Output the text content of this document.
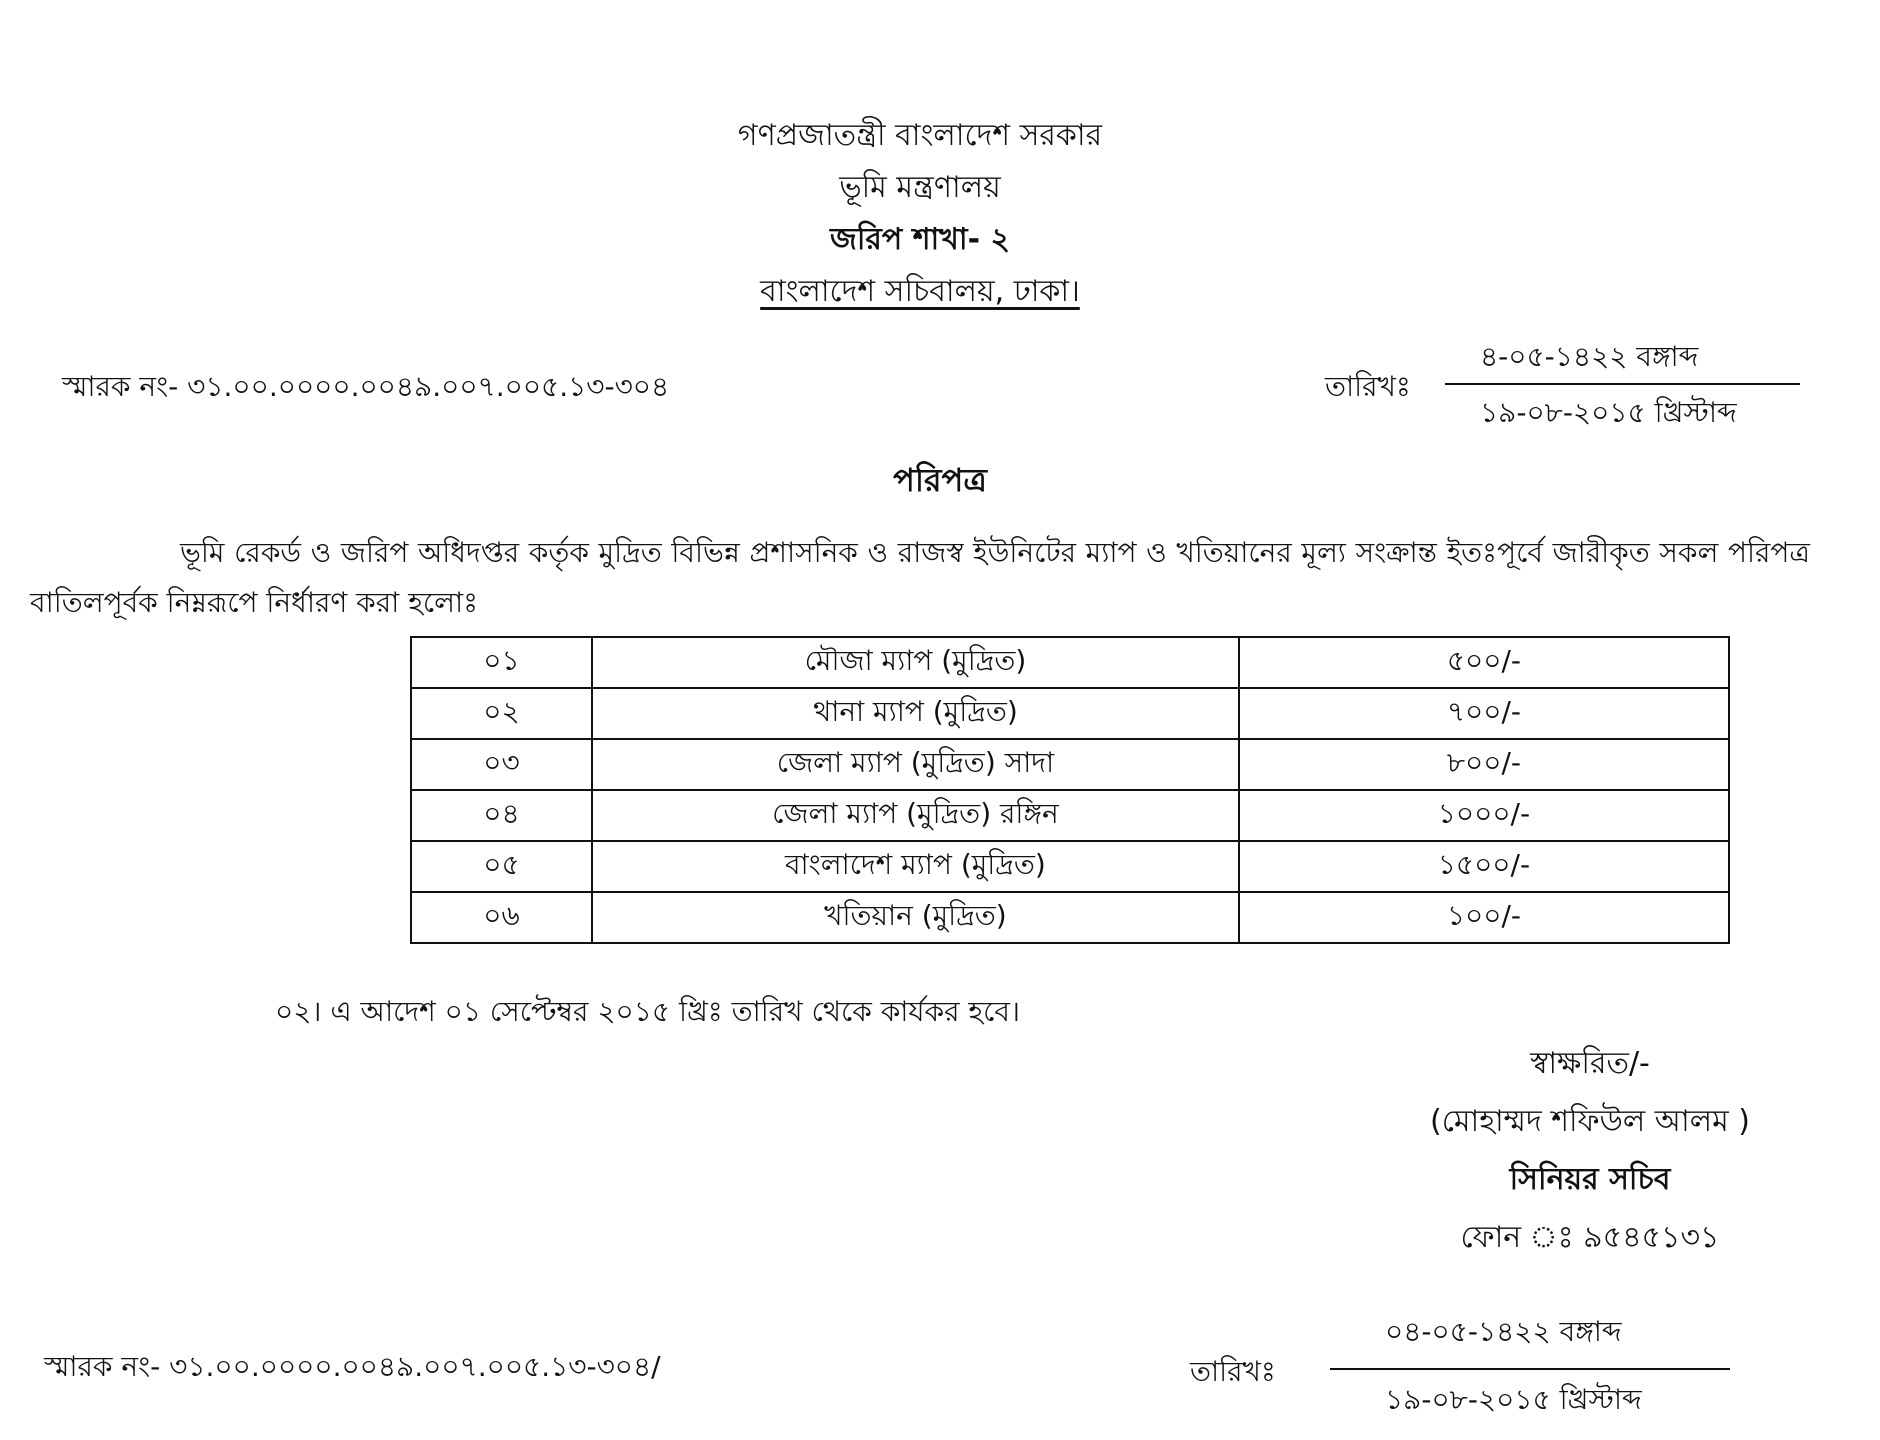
গণপ্রজাতন্ত্রী বাংলাদেশ সরকার
ভূমি মন্ত্রণালয়
জরিপ শাখা- ২
বাংলাদেশ সচিবালয়, ঢাকা।
স্মারক নং- ৩১.০০.০০০০.০০৪৯.০০৭.০০৫.১৩-৩০৪	তারিখঃ
৪-০৫-১৪২২ বঙ্গাব্দ
১৯-০৮-২০১৫ খ্রিস্টাব্দ
পরিপত্র
ভূমি রেকর্ড ও জরিপ অধিদপ্তর কর্তৃক মুদ্রিত বিভিন্ন প্রশাসনিক ও রাজস্ব ইউনিটের ম্যাপ ও খতিয়ানের মূল্য সংক্রান্ত ইতঃপূর্বে জারীকৃত সকল পরিপত্র বাতিলপূর্বক নিম্নরূপে নির্ধারণ করা হলোঃ
০১	মৌজা ম্যাপ (মুদ্রিত)	৫০০/-
০২	থানা ম্যাপ (মুদ্রিত)	৭০০/-
০৩	জেলা ম্যাপ (মুদ্রিত) সাদা	৮০০/-
০৪	জেলা ম্যাপ (মুদ্রিত) রঙ্গিন	১০০০/-
০৫	বাংলাদেশ ম্যাপ (মুদ্রিত)	১৫০০/-
০৬	খতিয়ান (মুদ্রিত)	১০০/-
০২। এ আদেশ ০১ সেপ্টেম্বর ২০১৫ খ্রিঃ তারিখ থেকে কার্যকর হবে।
স্বাক্ষরিত/-
(মোহাম্মদ শফিউল আলম )
সিনিয়র সচিব
ফোন ঃ ৯৫৪৫১৩১
স্মারক নং- ৩১.০০.০০০০.০০৪৯.০০৭.০০৫.১৩-৩০৪/	তারিখঃ
০৪-০৫-১৪২২ বঙ্গাব্দ
১৯-০৮-২০১৫ খ্রিস্টাব্দ
